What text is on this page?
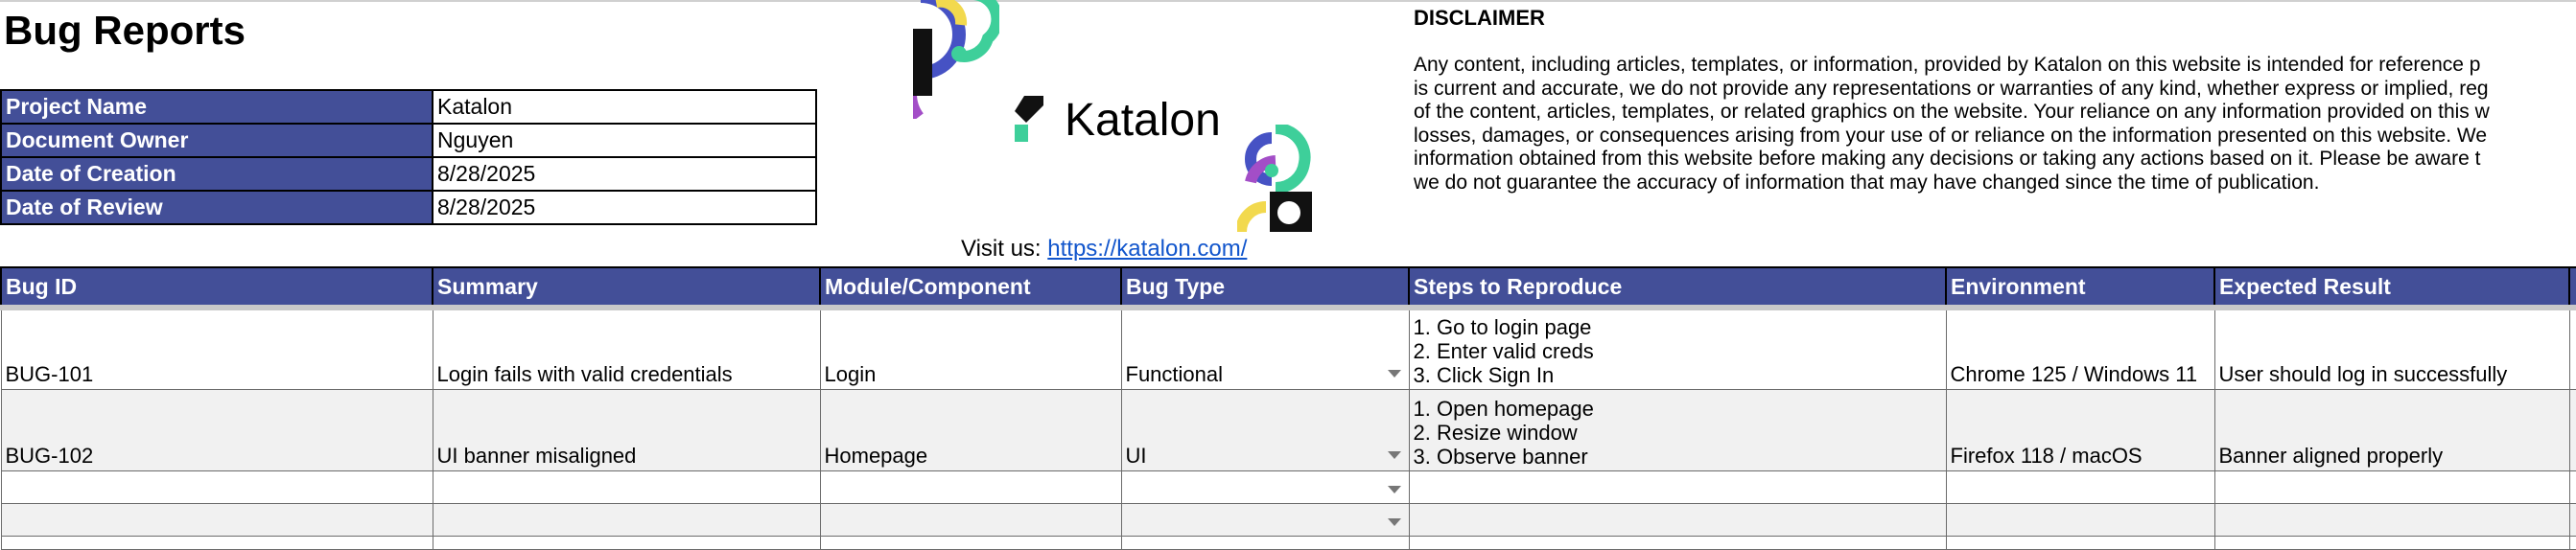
Bug Reports
Project Name	Katalon
Document Owner	Nguyen
Date of Creation	8/28/2025
Date of Review	8/28/2025
Katalon
Visit us: https://katalon.com/
DISCLAIMER

Any content, including articles, templates, or information, provided by Katalon on this website is intended for reference p
is current and accurate, we do not provide any representations or warranties of any kind, whether express or implied, reg
of the content, articles, templates, or related graphics on the website. Your reliance on any information provided on this w
losses, damages, or consequences arising from your use of or reliance on the information presented on this website. We
information obtained from this website before making any decisions or taking any actions based on it. Please be aware t
we do not guarantee the accuracy of information that may have changed since the time of publication.

Bug ID	Summary	Module/Component	Bug Type	Steps to Reproduce	Environment	Expected Result	
BUG-101	Login fails with valid credentials	Login	Functional	1. Go to login page
2. Enter valid creds
3. Click Sign In	Chrome 125 / Windows 11	User should log in successfully	
BUG-102	UI banner misaligned	Homepage	UI	1. Open homepage
2. Resize window
3. Observe banner	Firefox 118 / macOS	Banner aligned properly	
